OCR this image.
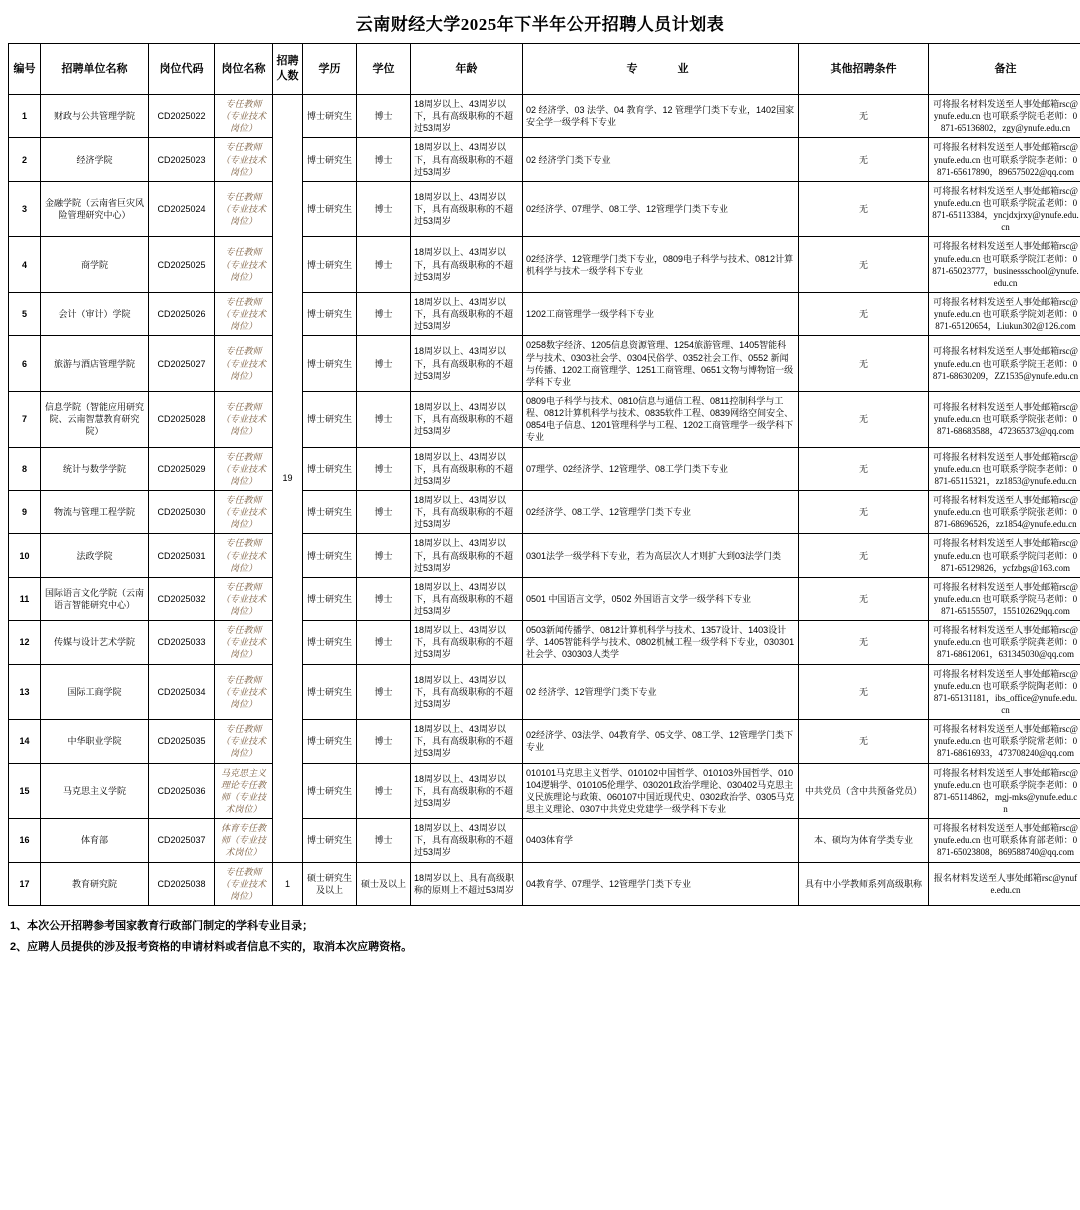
云南财经大学2025年下半年公开招聘人员计划表
编号	招聘单位名称	岗位代码	岗位名称	招聘人数	学历	学位	年龄	专　　业	其他招聘条件	备注
1	财政与公共管理学院	CD2025022	专任教师（专业技术岗位）	19	博士研究生	博士	18周岁以上、43周岁以下，具有高级职称的不超过53周岁	02 经济学、03 法学、04 教育学、12 管理学门类下专业，1402国家安全学一级学科下专业	无	可将报名材料发送至人事处邮箱rsc@ynufe.edu.cn 也可联系学院毛老师：0871-65136802，zgy@ynufe.edu.cn
2	经济学院	CD2025023	专任教师（专业技术岗位）		博士研究生	博士	18周岁以上、43周岁以下，具有高级职称的不超过53周岁	02 经济学门类下专业	无	可将报名材料发送至人事处邮箱rsc@ynufe.edu.cn 也可联系学院李老师：0871-65617890，896575022@qq.com
3	金融学院（云南省巨灾风险管理研究中心）	CD2025024	专任教师（专业技术岗位）		博士研究生	博士	18周岁以上、43周岁以下，具有高级职称的不超过53周岁	02经济学、07理学、08工学、12管理学门类下专业	无	可将报名材料发送至人事处邮箱rsc@ynufe.edu.cn 也可联系学院孟老师：0871-65113384，yncjdxjrxy@ynufe.edu.cn
4	商学院	CD2025025	专任教师（专业技术岗位）		博士研究生	博士	18周岁以上、43周岁以下，具有高级职称的不超过53周岁	02经济学、12管理学门类下专业，0809电子科学与技术、0812计算机科学与技术一级学科下专业	无	可将报名材料发送至人事处邮箱rsc@ynufe.edu.cn 也可联系学院江老师：0871-65023777，businessschool@ynufe.edu.cn
5	会计（审计）学院	CD2025026	专任教师（专业技术岗位）		博士研究生	博士	18周岁以上、43周岁以下，具有高级职称的不超过53周岁	1202工商管理学一级学科下专业	无	可将报名材料发送至人事处邮箱rsc@ynufe.edu.cn 也可联系学院刘老师：0871-65120654，Liukun302@126.com
6	旅游与酒店管理学院	CD2025027	专任教师（专业技术岗位）		博士研究生	博士	18周岁以上、43周岁以下，具有高级职称的不超过53周岁	0258数字经济、1205信息资源管理、1254旅游管理、1405智能科学与技术、0303社会学、0304民俗学、0352社会工作、0552 新闻与传播、1202工商管理学、1251工商管理、0651文物与博物馆一级学科下专业	无	可将报名材料发送至人事处邮箱rsc@ynufe.edu.cn 也可联系学院王老师：0871-68630209，ZZ1535@ynufe.edu.cn
7	信息学院（智能应用研究院、云南智慧教育研究院）	CD2025028	专任教师（专业技术岗位）		博士研究生	博士	18周岁以上、43周岁以下，具有高级职称的不超过53周岁	0809电子科学与技术、0810信息与通信工程、0811控制科学与工程、0812计算机科学与技术、0835软件工程、0839网络空间安全、0854电子信息、1201管理科学与工程、1202工商管理学一级学科下专业	无	可将报名材料发送至人事处邮箱rsc@ynufe.edu.cn 也可联系学院张老师：0871-68683588，472365373@qq.com
8	统计与数学学院	CD2025029	专任教师（专业技术岗位）		博士研究生	博士	18周岁以上、43周岁以下，具有高级职称的不超过53周岁	07理学、02经济学、12管理学、08工学门类下专业	无	可将报名材料发送至人事处邮箱rsc@ynufe.edu.cn 也可联系学院李老师：0871-65115321，zz1853@ynufe.edu.cn
9	物流与管理工程学院	CD2025030	专任教师（专业技术岗位）		博士研究生	博士	18周岁以上、43周岁以下，具有高级职称的不超过53周岁	02经济学、08工学、12管理学门类下专业	无	可将报名材料发送至人事处邮箱rsc@ynufe.edu.cn 也可联系学院张老师：0871-68696526，zz1854@ynufe.edu.cn
10	法政学院	CD2025031	专任教师（专业技术岗位）		博士研究生	博士	18周岁以上、43周岁以下，具有高级职称的不超过53周岁	0301法学一级学科下专业，若为高层次人才则扩大到03法学门类	无	可将报名材料发送至人事处邮箱rsc@ynufe.edu.cn 也可联系学院闫老师：0871-65129826，ycfzbgs@163.com
11	国际语言文化学院（云南语言智能研究中心）	CD2025032	专任教师（专业技术岗位）		博士研究生	博士	18周岁以上、43周岁以下，具有高级职称的不超过53周岁	0501 中国语言文学，0502 外国语言文学一级学科下专业	无	可将报名材料发送至人事处邮箱rsc@ynufe.edu.cn 也可联系学院马老师：0871-65155507，155102629qq.com
12	传媒与设计艺术学院	CD2025033	专任教师（专业技术岗位）		博士研究生	博士	18周岁以上、43周岁以下，具有高级职称的不超过53周岁	0503新闻传播学、0812计算机科学与技术、1357设计、1403设计学、1405智能科学与技术、0802机械工程一级学科下专业，030301社会学、030303人类学	无	可将报名材料发送至人事处邮箱rsc@ynufe.edu.cn 也可联系学院龚老师：0871-68612061，631345030@qq.com
13	国际工商学院	CD2025034	专任教师（专业技术岗位）		博士研究生	博士	18周岁以上、43周岁以下，具有高级职称的不超过53周岁	02 经济学、12管理学门类下专业	无	可将报名材料发送至人事处邮箱rsc@ynufe.edu.cn 也可联系学院陶老师：0871-65131181，ibs_office@ynufe.edu.cn
14	中华职业学院	CD2025035	专任教师（专业技术岗位）		博士研究生	博士	18周岁以上、43周岁以下，具有高级职称的不超过53周岁	02经济学、03法学、04教育学、05文学、08工学、12管理学门类下专业	无	可将报名材料发送至人事处邮箱rsc@ynufe.edu.cn 也可联系学院常老师：0871-68616933，473708240@qq.com
15	马克思主义学院	CD2025036	马克思主义理论专任教师（专业技术岗位）		博士研究生	博士	18周岁以上、43周岁以下，具有高级职称的不超过53周岁	010101马克思主义哲学、010102中国哲学、010103外国哲学、010104逻辑学、010105伦理学、030201政治学理论、030402马克思主义民族理论与政策、060107中国近现代史、0302政治学、0305马克思主义理论、0307中共党史党建学一级学科下专业	中共党员（含中共预备党员）	可将报名材料发送至人事处邮箱rsc@ynufe.edu.cn 也可联系学院李老师：0871-65114862，mgj-mks@ynufe.edu.cn
16	体育部	CD2025037	体育专任教师（专业技术岗位）		博士研究生	博士	18周岁以上、43周岁以下，具有高级职称的不超过53周岁	0403体育学	本、硕均为体育学类专业	可将报名材料发送至人事处邮箱rsc@ynufe.edu.cn 也可联系体育部老师：0871-65023808，869588740@qq.com
17	教育研究院	CD2025038	专任教师（专业技术岗位）	1	硕士研究生及以上	硕士及以上	18周岁以上、具有高级职称的原则上不超过53周岁	04教育学、07理学、12管理学门类下专业	具有中小学教师系列高级职称	报名材料发送至人事处邮箱rsc@ynufe.edu.cn
1、本次公开招聘参考国家教育行政部门制定的学科专业目录；
2、应聘人员提供的涉及报考资格的申请材料或者信息不实的，取消本次应聘资格。
